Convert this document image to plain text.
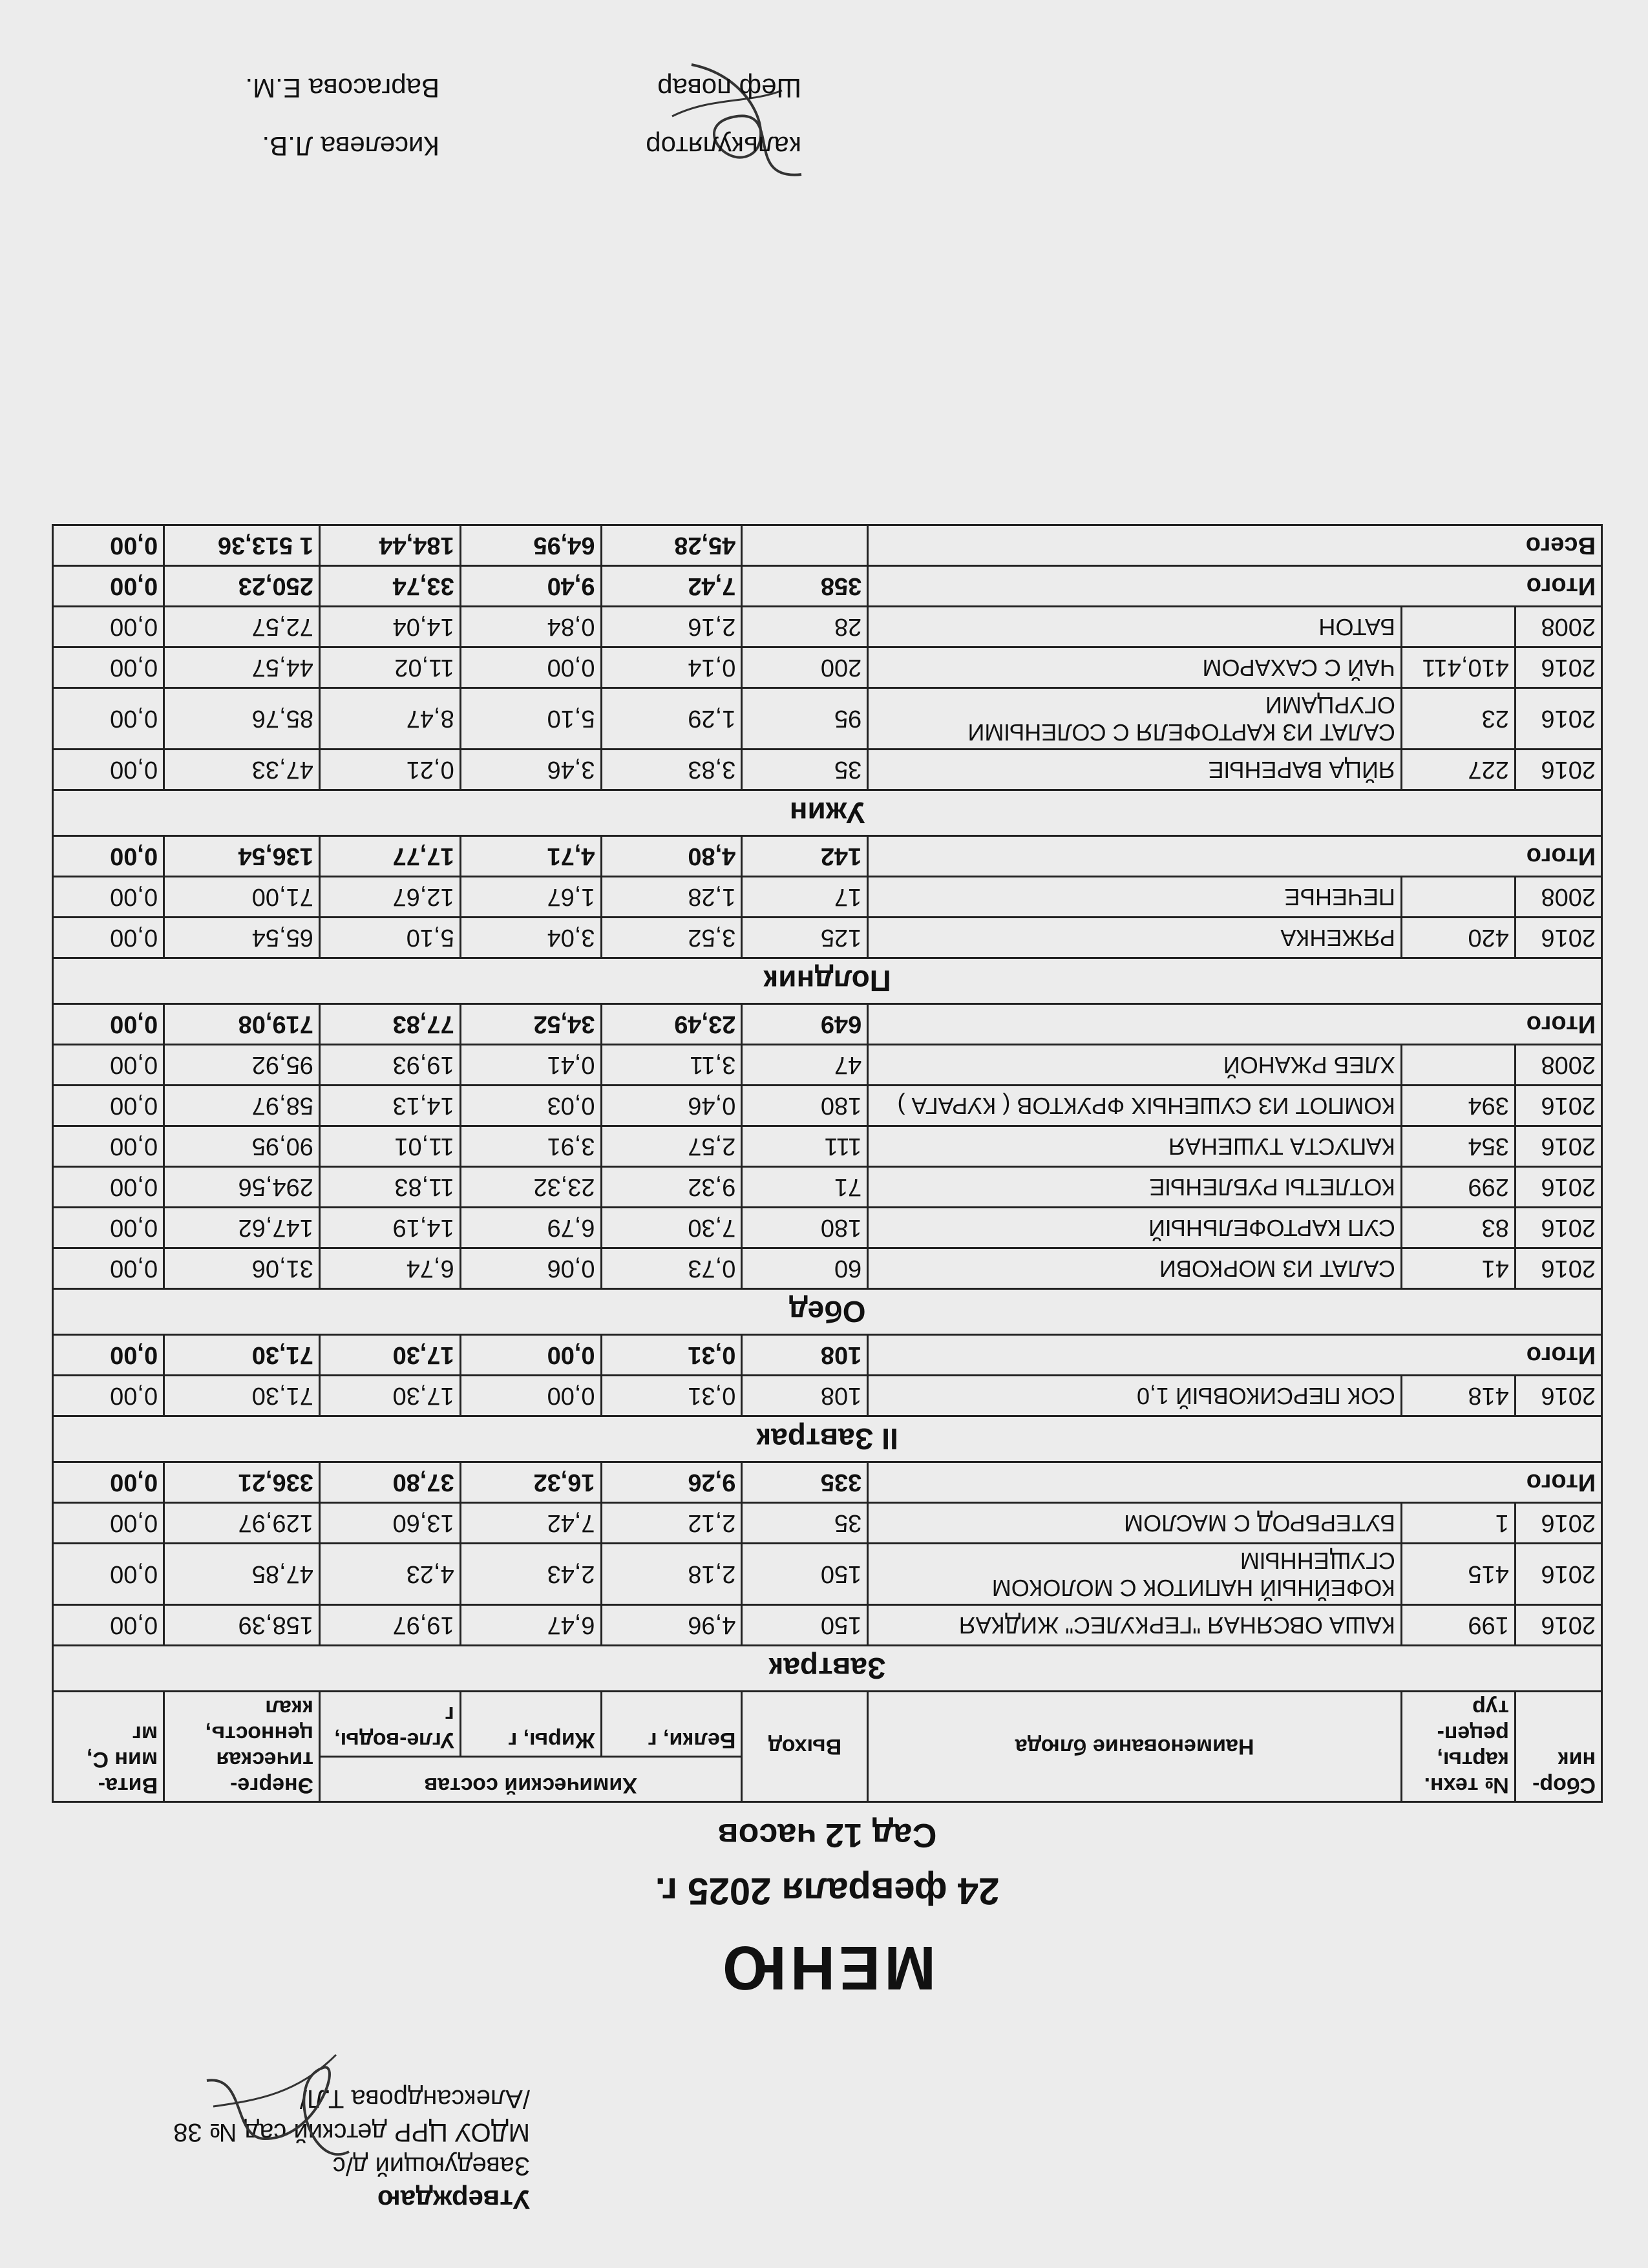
Утверждаю
Заведующий д/с
МДОУ ЦРР детский сад № 38
/Александрова Т.Л/
МЕНЮ
24 февраля 2025 г.
Сад 12 часов
Сбор-ник	№ техн. карты, рецеп-тур	Наименование блюда	Выход	Химический состав			Энерге-тическая ценность, ккал	Вита-мин С, мг
				Белки, г	Жиры, г	Угле-воды, г		
Завтрак								
2016	199	КАША ОВСЯНАЯ "ГЕРКУЛЕС" ЖИДКАЯ	150	4,96	6,47	19,97	158,39	0,00
2016	415	КОФЕЙНЫЙ НАПИТОК С МОЛОКОМ СГУЩЕННЫМ	150	2,18	2,43	4,23	47,85	0,00
2016	1	БУТЕРБРОД С МАСЛОМ	35	2,12	7,42	13,60	129,97	0,00
Итого			335	9,26	16,32	37,80	336,21	0,00
II Завтрак								
2016	418	СОК ПЕРСИКОВЫЙ 1,0	108	0,31	0,00	17,30	71,30	0,00
Итого			108	0,31	0,00	17,30	71,30	0,00
Обед								
2016	41	САЛАТ ИЗ МОРКОВИ	60	0,73	0,06	6,74	31,06	0,00
2016	83	СУП КАРТОФЕЛЬНЫЙ	180	7,30	6,79	14,19	147,62	0,00
2016	299	КОТЛЕТЫ РУБЛЕНЫЕ	71	9,32	23,32	11,83	294,56	0,00
2016	354	КАПУСТА ТУШЕНАЯ	111	2,57	3,91	11,01	90,95	0,00
2016	394	КОМПОТ ИЗ СУШЕНЫХ ФРУКТОВ ( КУРАГА )	180	0,46	0,03	14,13	58,97	0,00
2008		ХЛЕБ РЖАНОЙ	47	3,11	0,41	19,93	95,92	0,00
Итого			649	23,49	34,52	77,83	719,08	0,00
Полдник								
2016	420	РЯЖЕНКА	125	3,52	3,04	5,10	65,54	0,00
2008		ПЕЧЕНЬЕ	17	1,28	1,67	12,67	71,00	0,00
Итого			142	4,80	4,71	17,77	136,54	0,00
Ужин								
2016	227	ЯЙЦА ВАРЕНЫЕ	35	3,83	3,46	0,21	47,33	0,00
2016	23	САЛАТ ИЗ КАРТОФЕЛЯ С СОЛЕНЫМИ ОГУРЦАМИ	95	1,29	5,10	8,47	85,76	0,00
2016	410,411	ЧАЙ С САХАРОМ	200	0,14	0,00	11,02	44,57	0,00
2008		БАТОН	28	2,16	0,84	14,04	72,57	0,00
Итого			358	7,42	9,40	33,74	250,23	0,00
Всего				45,28	64,95	184,44	1 513,36	0,00
калькулятор
Киселева Л.В.
Шеф повар
Варгасова Е.М.
